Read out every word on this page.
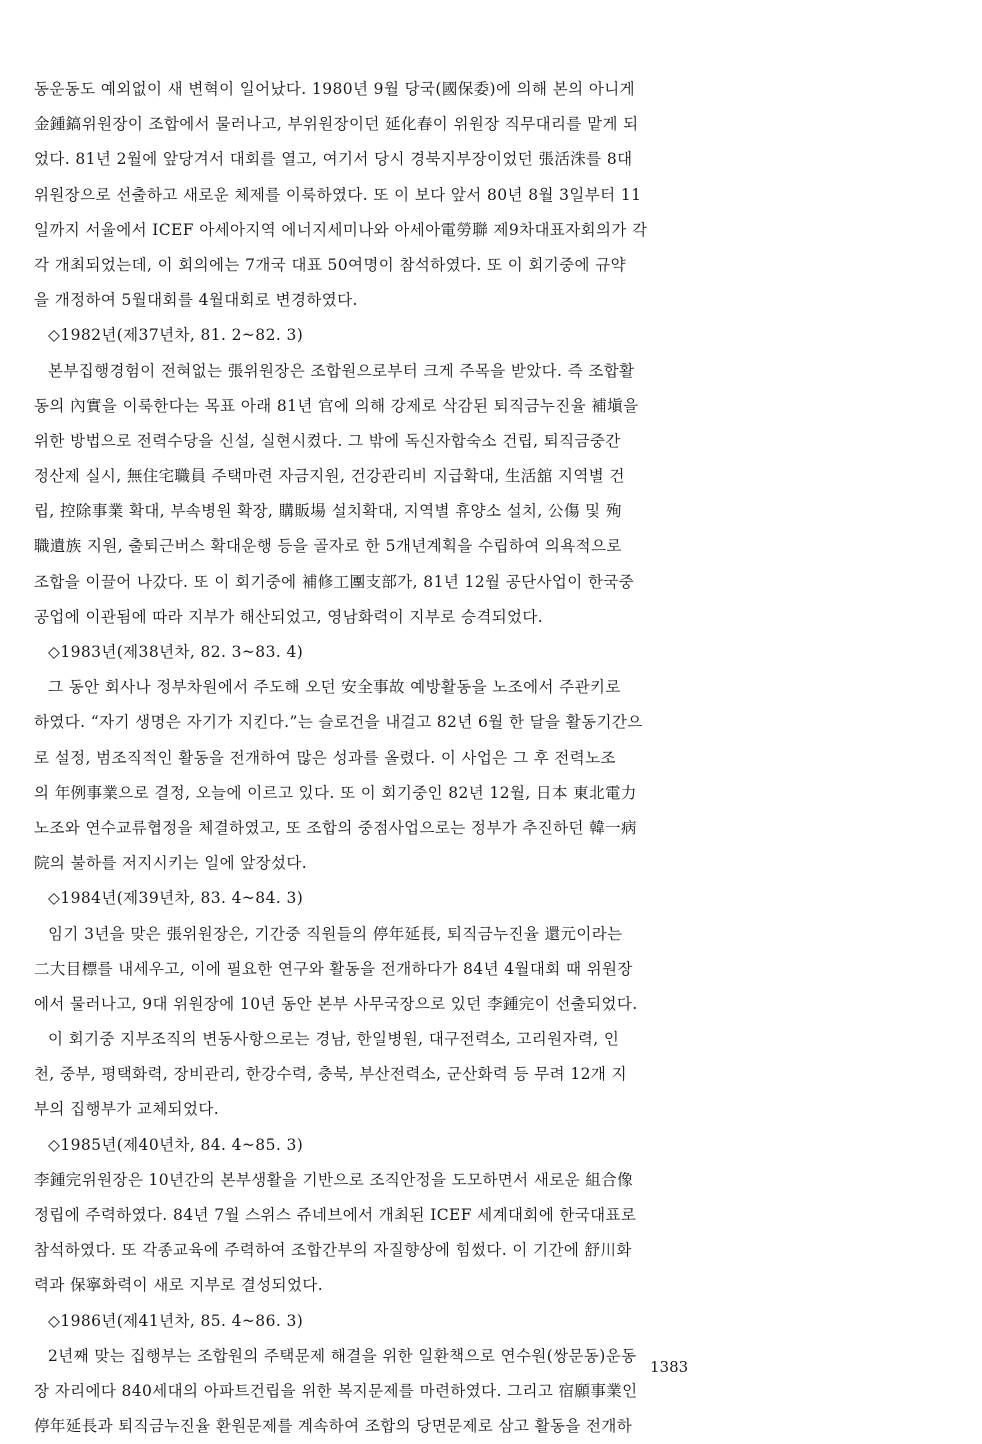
동운동도 예외없이 새 변혁이 일어났다. 1980년 9월 당국(國保委)에 의해 본의 아니게
金鍾鎬위원장이 조합에서 물러나고, 부위원장이던 延化春이 위원장 직무대리를 맡게 되
었다. 81년 2월에 앞당겨서 대회를 열고, 여기서 당시 경북지부장이었던 張活洙를 8대
위원장으로 선출하고 새로운 체제를 이룩하였다. 또 이 보다 앞서 80년 8월 3일부터 11
일까지 서울에서 ICEF 아세아지역 에너지세미나와 아세아電勞聯 제9차대표자회의가 각
각 개최되었는데, 이 회의에는 7개국 대표 50여명이 참석하였다. 또 이 회기중에 규약
을 개정하여 5월대회를 4월대회로 변경하였다.
◇1982년(제37년차, 81. 2~82. 3)
본부집행경험이 전혀없는 張위원장은 조합원으로부터 크게 주목을 받았다. 즉 조합활
동의 內實을 이룩한다는 목표 아래 81년 官에 의해 강제로 삭감된 퇴직금누진율 補塡을
위한 방법으로 전력수당을 신설, 실현시켰다. 그 밖에 독신자합숙소 건립, 퇴직금중간
정산제 실시, 無住宅職員 주택마련 자금지원, 건강관리비 지급확대, 生活舘 지역별 건
립, 控除事業 확대, 부속병원 확장, 購販場 설치확대, 지역별 휴양소 설치, 公傷 및 殉
職遺族 지원, 출퇴근버스 확대운행 등을 골자로 한 5개년계획을 수립하여 의욕적으로
조합을 이끌어 나갔다. 또 이 회기중에 補修工團支部가, 81년 12월 공단사업이 한국중
공업에 이관됨에 따라 지부가 해산되었고, 영남화력이 지부로 승격되었다.
◇1983년(제38년차, 82. 3~83. 4)
그 동안 회사나 정부차원에서 주도해 오던 安全事故 예방활동을 노조에서 주관키로
하였다. “자기 생명은 자기가 지킨다.”는 슬로건을 내걸고 82년 6월 한 달을 활동기간으
로 설정, 범조직적인 활동을 전개하여 많은 성과를 올렸다. 이 사업은 그 후 전력노조
의 年例事業으로 결정, 오늘에 이르고 있다. 또 이 회기중인 82년 12월, 日本 東北電力
노조와 연수교류협정을 체결하였고, 또 조합의 중점사업으로는 정부가 추진하던 韓一病
院의 불하를 저지시키는 일에 앞장섰다.
◇1984년(제39년차, 83. 4~84. 3)
임기 3년을 맞은 張위원장은, 기간중 직원들의 停年延長, 퇴직금누진율 還元이라는
二大目標를 내세우고, 이에 필요한 연구와 활동을 전개하다가 84년 4월대회 때 위원장
에서 물러나고, 9대 위원장에 10년 동안 본부 사무국장으로 있던 李鍾完이 선출되었다.
이 회기중 지부조직의 변동사항으로는 경남, 한일병원, 대구전력소, 고리원자력, 인
천, 중부, 평택화력, 장비관리, 한강수력, 충북, 부산전력소, 군산화력 등 무려 12개 지
부의 집행부가 교체되었다.
◇1985년(제40년차, 84. 4~85. 3)
李鍾完위원장은 10년간의 본부생활을 기반으로 조직안정을 도모하면서 새로운 組合像
정립에 주력하였다. 84년 7월 스위스 쥬네브에서 개최된 ICEF 세계대회에 한국대표로
참석하였다. 또 각종교육에 주력하여 조합간부의 자질향상에 힘썼다. 이 기간에 舒川화
력과 保寧화력이 새로 지부로 결성되었다.
◇1986년(제41년차, 85. 4~86. 3)
2년째 맞는 집행부는 조합원의 주택문제 해결을 위한 일환책으로 연수원(쌍문동)운동
장 자리에다 840세대의 아파트건립을 위한 복지문제를 마련하였다. 그리고 宿願事業인
停年延長과 퇴직금누진율 환원문제를 계속하여 조합의 당면문제로 삼고 활동을 전개하
1383
